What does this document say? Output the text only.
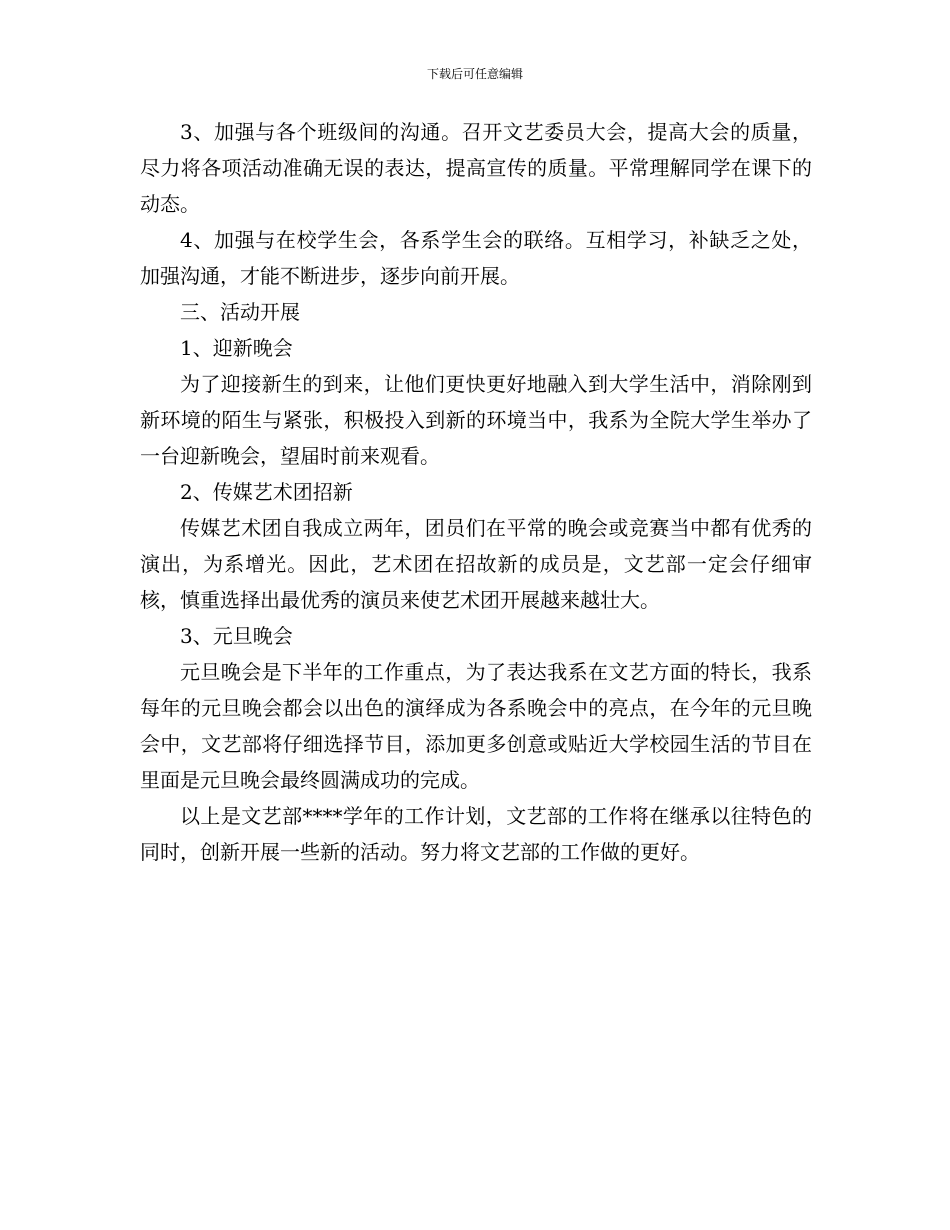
下载后可任意编辑

3、加强与各个班级间的沟通。召开文艺委员大会，提高大会的质量，尽力将各项活动准确无误的表达，提高宣传的质量。平常理解同学在课下的动态。

4、加强与在校学生会，各系学生会的联络。互相学习，补缺乏之处，加强沟通，才能不断进步，逐步向前开展。

三、活动开展

1、迎新晚会

为了迎接新生的到来，让他们更快更好地融入到大学生活中，消除刚到新环境的陌生与紧张，积极投入到新的环境当中，我系为全院大学生举办了一台迎新晚会，望届时前来观看。

2、传媒艺术团招新

传媒艺术团自我成立两年，团员们在平常的晚会或竞赛当中都有优秀的演出，为系增光。因此，艺术团在招故新的成员是，文艺部一定会仔细审核，慎重选择出最优秀的演员来使艺术团开展越来越壮大。

3、元旦晚会

元旦晚会是下半年的工作重点，为了表达我系在文艺方面的特长，我系每年的元旦晚会都会以出色的演绎成为各系晚会中的亮点，在今年的元旦晚会中，文艺部将仔细选择节目，添加更多创意或贴近大学校园生活的节目在里面是元旦晚会最终圆满成功的完成。

以上是文艺部****学年的工作计划，文艺部的工作将在继承以往特色的同时，创新开展一些新的活动。努力将文艺部的工作做的更好。
